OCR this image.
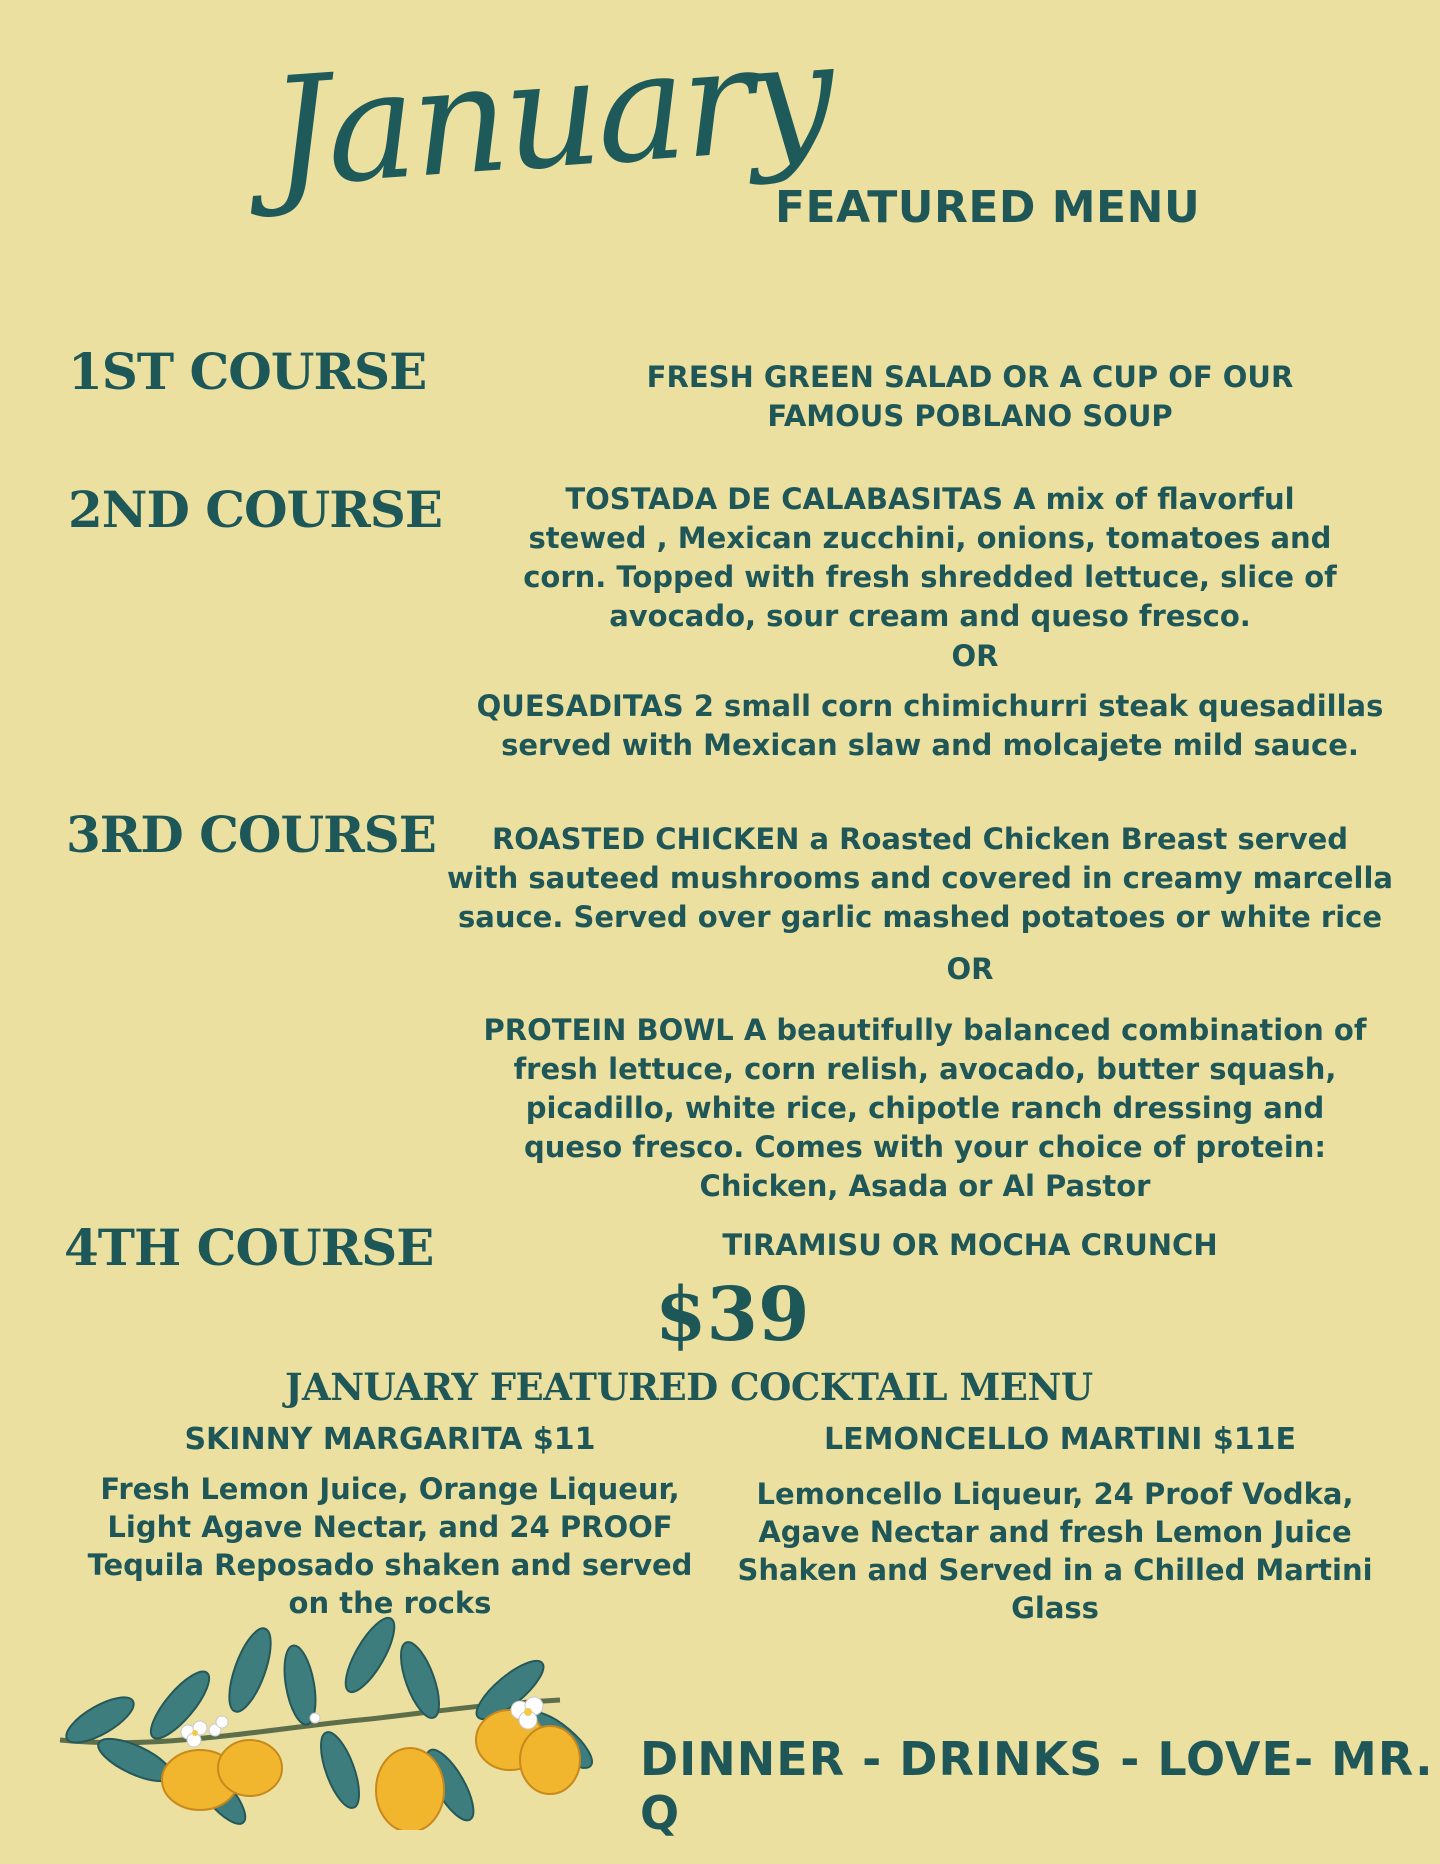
January
FEATURED MENU
1ST COURSE	FRESH GREEN SALAD OR A CUP OF OUR
FAMOUS POBLANO SOUP
2ND COURSE	TOSTADA DE CALABASITAS A mix of flavorful
stewed , Mexican zucchini, onions, tomatoes and
corn. Topped with fresh shredded lettuce, slice of
avocado, sour cream and queso fresco.
OR
QUESADITAS 2 small corn chimichurri steak quesadillas
served with Mexican slaw and molcajete mild sauce.
3RD COURSE	ROASTED CHICKEN a Roasted Chicken Breast served
with sauteed mushrooms and covered in creamy marcella
sauce. Served over garlic mashed potatoes or white rice
OR
PROTEIN BOWL A beautifully balanced combination of
fresh lettuce, corn relish, avocado, butter squash,
picadillo, white rice, chipotle ranch dressing and
queso fresco. Comes with your choice of protein:
Chicken, Asada or Al Pastor
4TH COURSE	TIRAMISU OR MOCHA CRUNCH
$39
JANUARY FEATURED COCKTAIL MENU
SKINNY MARGARITA $11
Fresh Lemon Juice, Orange Liqueur,
Light Agave Nectar, and 24 PROOF
Tequila Reposado shaken and served
on the rocks
LEMONCELLO MARTINI $11E
Lemoncello Liqueur, 24 Proof Vodka,
Agave Nectar and fresh Lemon Juice
Shaken and Served in a Chilled Martini
Glass
DINNER - DRINKS - LOVE- MR. Q
